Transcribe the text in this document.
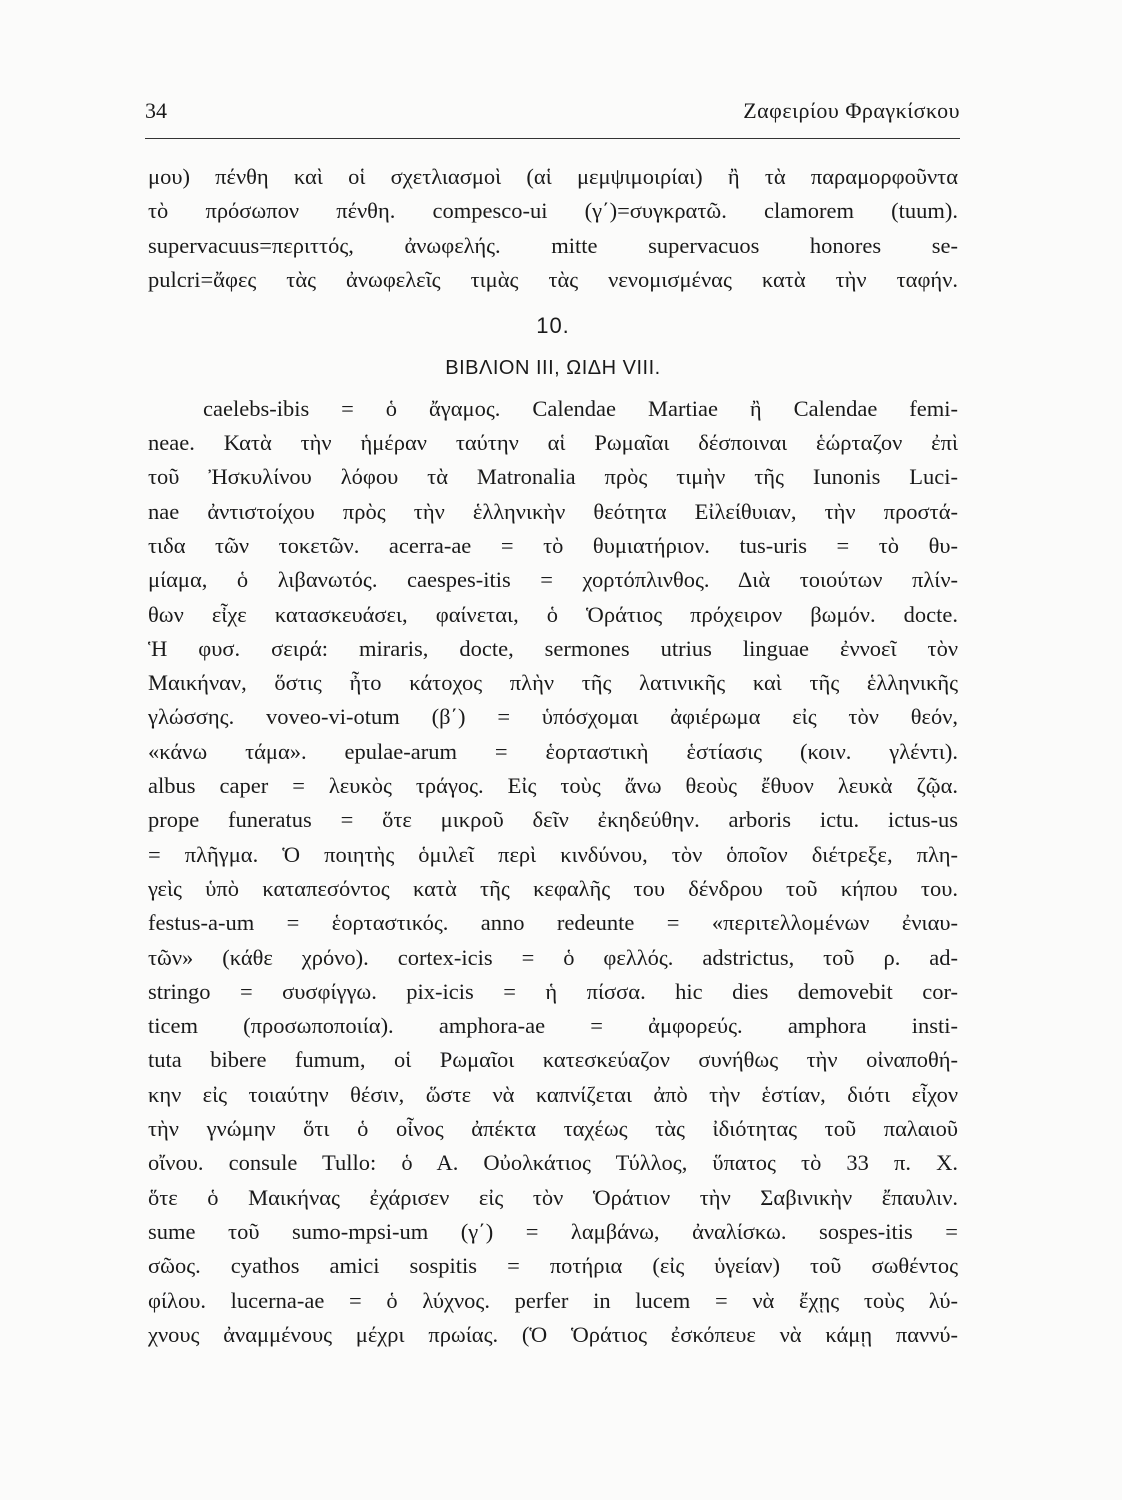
34	Ζαφειρίου Φραγκίσκου
μου) πένθη καὶ οἱ σχετλιασμοὶ (αἱ μεμψιμοιρίαι) ἢ τὰ παραμορφοῦντα
τὸ πρόσωπον πένθη. compesco-ui (γ΄)=συγκρατῶ. clamorem (tuum).
supervacuus=περιττός, ἀνωφελής. mitte supervacuos honores se-
pulcri=ἄφες τὰς ἀνωφελεῖς τιμὰς τὰς νενομισμένας κατὰ τὴν ταφήν.
10.
ΒΙΒΛΙΟΝ III, ΩΙΔΗ VIII.
caelebs-ibis = ὁ ἄγαμος. Calendae Martiae ἢ Calendae femi-
neae. Κατὰ τὴν ἡμέραν ταύτην αἱ Ρωμαῖαι δέσποιναι ἑώρταζον ἐπὶ
τοῦ Ἠσκυλίνου λόφου τὰ Matronalia πρὸς τιμὴν τῆς Iunonis Luci-
nae ἀντιστοίχου πρὸς τὴν ἑλληνικὴν θεότητα Εἰλείθυιαν, τὴν προστά-
τιδα τῶν τοκετῶν. acerra-ae = τὸ θυμιατήριον. tus-uris = τὸ θυ-
μίαμα, ὁ λιβανωτός. caespes-itis = χορτόπλινθος. Διὰ τοιούτων πλίν-
θων εἶχε κατασκευάσει, φαίνεται, ὁ Ὁράτιος πρόχειρον βωμόν. docte.
Ἡ φυσ. σειρά: miraris, docte, sermones utrius linguae ἐννοεῖ τὸν
Μαικήναν, ὅστις ἦτο κάτοχος πλὴν τῆς λατινικῆς καὶ τῆς ἑλληνικῆς
γλώσσης. voveo-vi-otum (β΄) = ὑπόσχομαι ἀφιέρωμα εἰς τὸν θεόν,
«κάνω τάμα». epulae-arum = ἑορταστικὴ ἑστίασις (κοιν. γλέντι).
albus caper = λευκὸς τράγος. Εἰς τοὺς ἄνω θεοὺς ἔθυον λευκὰ ζῷα.
prope funeratus = ὅτε μικροῦ δεῖν ἐκηδεύθην. arboris ictu. ictus-us
= πλῆγμα. Ὁ ποιητὴς ὁμιλεῖ περὶ κινδύνου, τὸν ὁποῖον διέτρεξε, πλη-
γεὶς ὑπὸ καταπεσόντος κατὰ τῆς κεφαλῆς του δένδρου τοῦ κήπου του.
festus-a-um = ἑορταστικός. anno redeunte = «περιτελλομένων ἐνιαυ-
τῶν» (κάθε χρόνο). cortex-icis = ὁ φελλός. adstrictus, τοῦ ρ. ad-
stringo = συσφίγγω. pix-icis = ἡ πίσσα. hic dies demovebit cor-
ticem (προσωποποιία). amphora-ae = ἀμφορεύς. amphora insti-
tuta bibere fumum, οἱ Ρωμαῖοι κατεσκεύαζον συνήθως τὴν οἰναποθή-
κην εἰς τοιαύτην θέσιν, ὥστε νὰ καπνίζεται ἀπὸ τὴν ἑστίαν, διότι εἶχον
τὴν γνώμην ὅτι ὁ οἶνος ἀπέκτα ταχέως τὰς ἰδιότητας τοῦ παλαιοῦ
οἴνου. consule Tullo: ὁ Α. Οὐολκάτιος Τύλλος, ὕπατος τὸ 33 π. Χ.
ὅτε ὁ Μαικήνας ἐχάρισεν εἰς τὸν Ὁράτιον τὴν Σαβινικὴν ἔπαυλιν.
sume τοῦ sumo-mpsi-um (γ΄) = λαμβάνω, ἀναλίσκω. sospes-itis =
σῶος. cyathos amici sospitis = ποτήρια (εἰς ὑγείαν) τοῦ σωθέντος
φίλου. lucerna-ae = ὁ λύχνος. perfer in lucem = νὰ ἔχῃς τοὺς λύ-
χνους ἀναμμένους μέχρι πρωίας. (Ὁ Ὁράτιος ἐσκόπευε νὰ κάμῃ παννύ-
